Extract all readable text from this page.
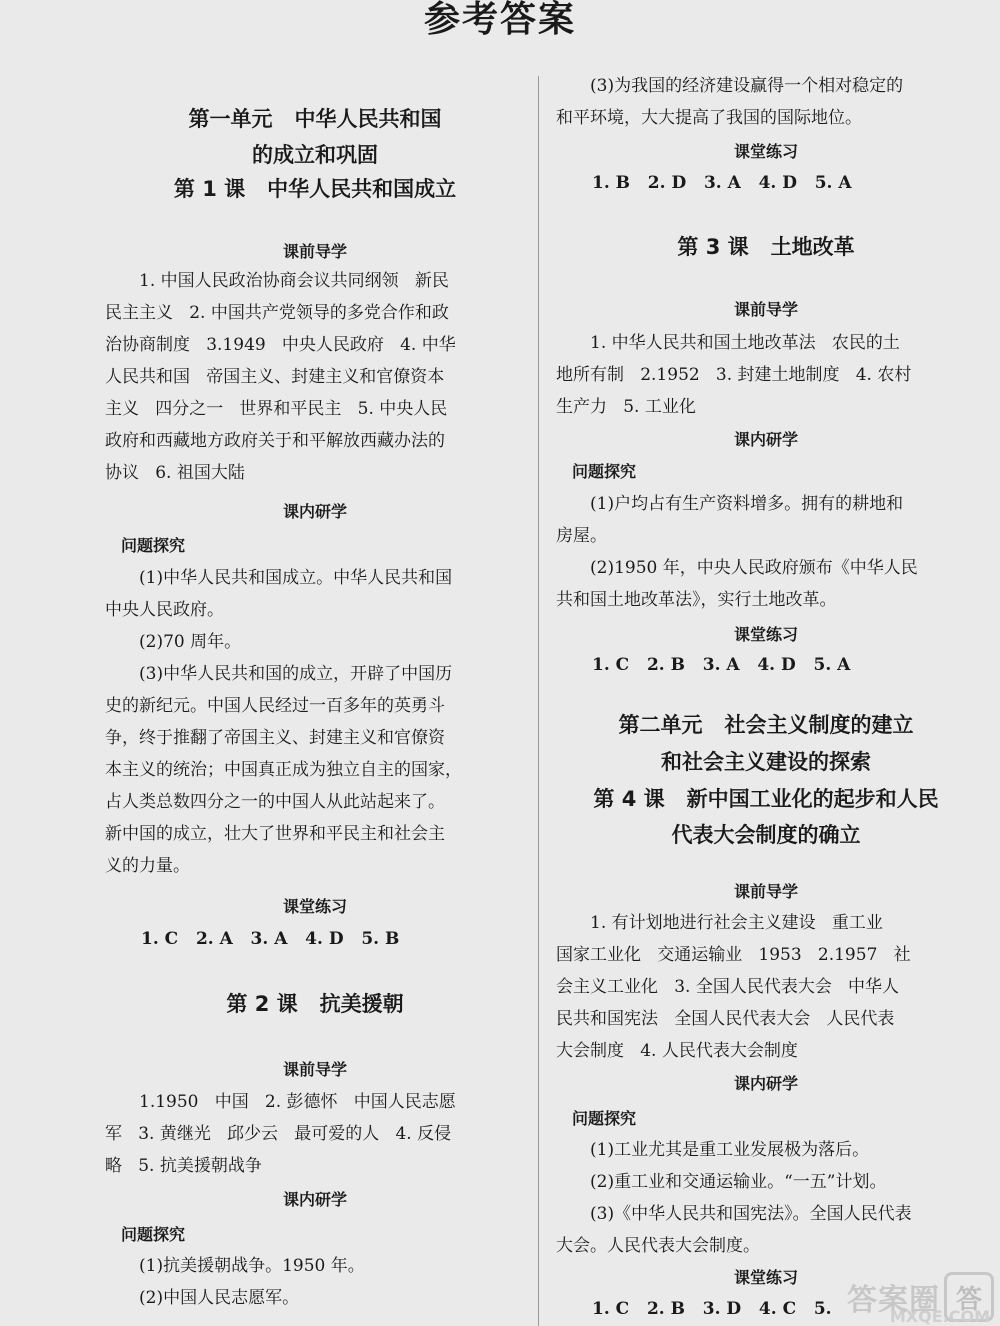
参考答案
第一单元   中华人民共和国
的成立和巩固
第 1 课   中华人民共和国成立
课前导学
1. 中国人民政治协商会议共同纲领   新民
民主主义   2. 中国共产党领导的多党合作和政
治协商制度   3.1949   中央人民政府   4. 中华
人民共和国   帝国主义、封建主义和官僚资本
主义   四分之一   世界和平民主   5. 中央人民
政府和西藏地方政府关于和平解放西藏办法的
协议   6. 祖国大陆
课内研学
问题探究
(1)中华人民共和国成立。中华人民共和国
中央人民政府。
(2)70 周年。
(3)中华人民共和国的成立，开辟了中国历
史的新纪元。中国人民经过一百多年的英勇斗
争，终于推翻了帝国主义、封建主义和官僚资
本主义的统治；中国真正成为独立自主的国家，
占人类总数四分之一的中国人从此站起来了。
新中国的成立，壮大了世界和平民主和社会主
义的力量。
课堂练习
1. C   2. A   3. A   4. D   5. B
第 2 课   抗美援朝
课前导学
1.1950   中国   2. 彭德怀   中国人民志愿
军   3. 黄继光   邱少云   最可爱的人   4. 反侵
略   5. 抗美援朝战争
课内研学
问题探究
(1)抗美援朝战争。1950 年。
(2)中国人民志愿军。
(3)为我国的经济建设赢得一个相对稳定的
和平环境，大大提高了我国的国际地位。
课堂练习
1. B   2. D   3. A   4. D   5. A
第 3 课   土地改革
课前导学
1. 中华人民共和国土地改革法   农民的土
地所有制   2.1952   3. 封建土地制度   4. 农村
生产力   5. 工业化
课内研学
问题探究
(1)户均占有生产资料增多。拥有的耕地和
房屋。
(2)1950 年，中央人民政府颁布《中华人民
共和国土地改革法》，实行土地改革。
课堂练习
1. C   2. B   3. A   4. D   5. A
第二单元   社会主义制度的建立
和社会主义建设的探索
第 4 课   新中国工业化的起步和人民
代表大会制度的确立
课前导学
1. 有计划地进行社会主义建设   重工业
国家工业化   交通运输业   1953   2.1957   社
会主义工业化   3. 全国人民代表大会   中华人
民共和国宪法   全国人民代表大会   人民代表
大会制度   4. 人民代表大会制度
课内研学
问题探究
(1)工业尤其是重工业发展极为落后。
(2)重工业和交通运输业。“一五”计划。
(3)《中华人民共和国宪法》。全国人民代表
大会。人民代表大会制度。
课堂练习
1. C   2. B   3. D   4. C   5. 答案圈 答
MXQE.COM
